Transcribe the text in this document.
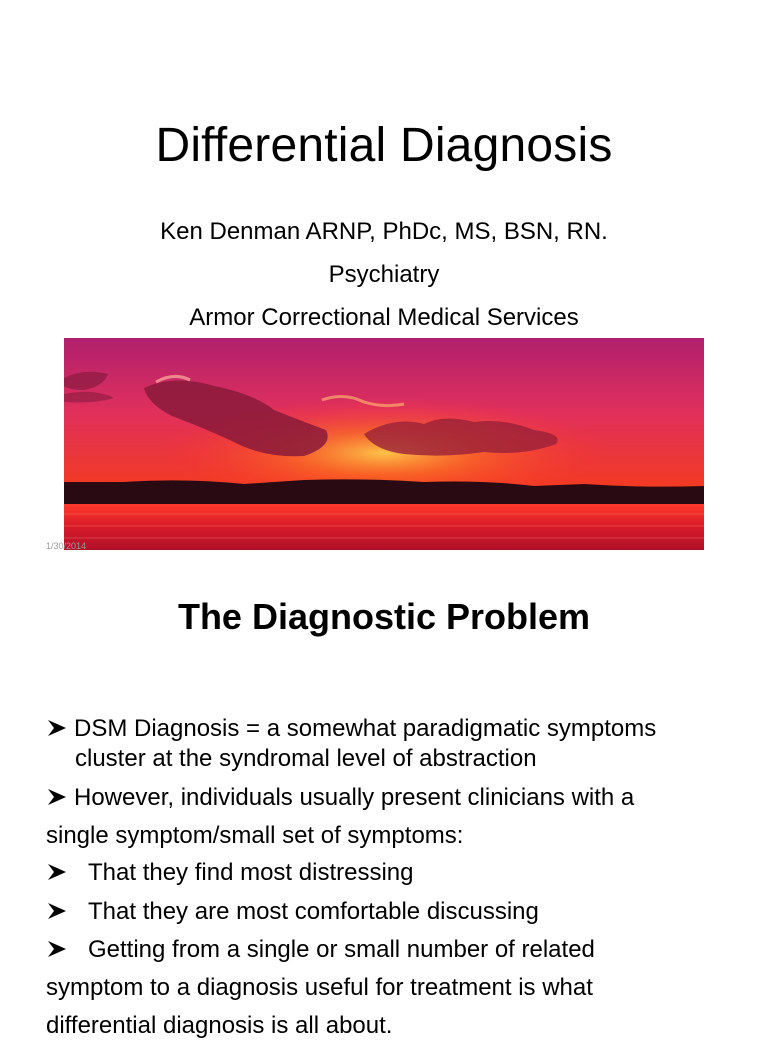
Differential Diagnosis
Ken Denman ARNP, PhDc, MS, BSN, RN.
Psychiatry
Armor Correctional Medical Services
1/30/2014
The Diagnostic Problem
DSM Diagnosis = a somewhat paradigmatic symptoms
cluster at the syndromal level of abstraction
However, individuals usually present clinicians with a
single symptom/small set of symptoms:
That they find most distressing
That they are most comfortable discussing
Getting from a single or small number of related
symptom to a diagnosis useful for treatment is what
differential diagnosis is all about.
